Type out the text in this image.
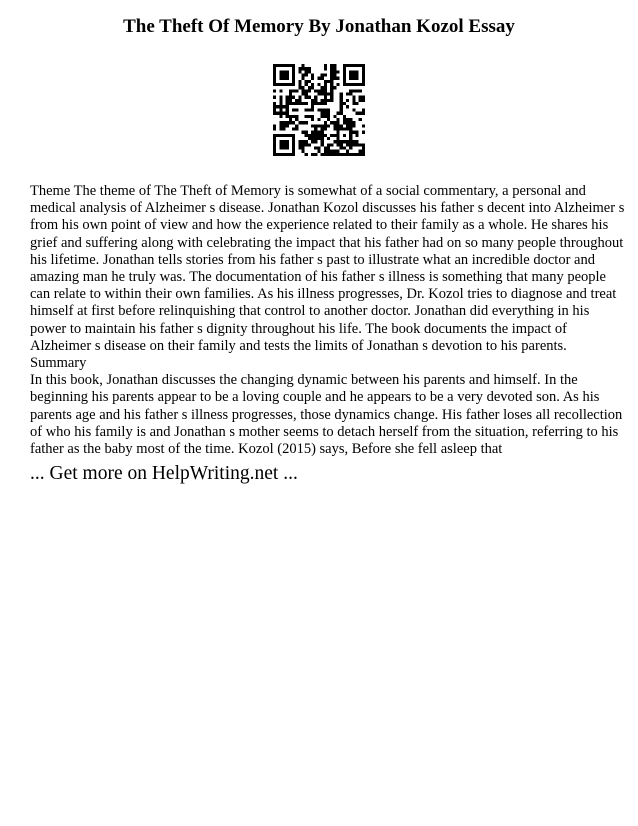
The Theft Of Memory By Jonathan Kozol Essay
Theme The theme of The Theft of Memory is somewhat of a social commentary, a personal and
medical analysis of Alzheimer s disease. Jonathan Kozol discusses his father s decent into Alzheimer s
from his own point of view and how the experience related to their family as a whole. He shares his
grief and suffering along with celebrating the impact that his father had on so many people throughout
his lifetime. Jonathan tells stories from his father s past to illustrate what an incredible doctor and
amazing man he truly was. The documentation of his father s illness is something that many people
can relate to within their own families. As his illness progresses, Dr. Kozol tries to diagnose and treat
himself at first before relinquishing that control to another doctor. Jonathan did everything in his
power to maintain his father s dignity throughout his life. The book documents the impact of
Alzheimer s disease on their family and tests the limits of Jonathan s devotion to his parents.
Summary
In this book, Jonathan discusses the changing dynamic between his parents and himself. In the
beginning his parents appear to be a loving couple and he appears to be a very devoted son. As his
parents age and his father s illness progresses, those dynamics change. His father loses all recollection
of who his family is and Jonathan s mother seems to detach herself from the situation, referring to his
father as the baby most of the time. Kozol (2015) says, Before she fell asleep that
... Get more on HelpWriting.net ...
